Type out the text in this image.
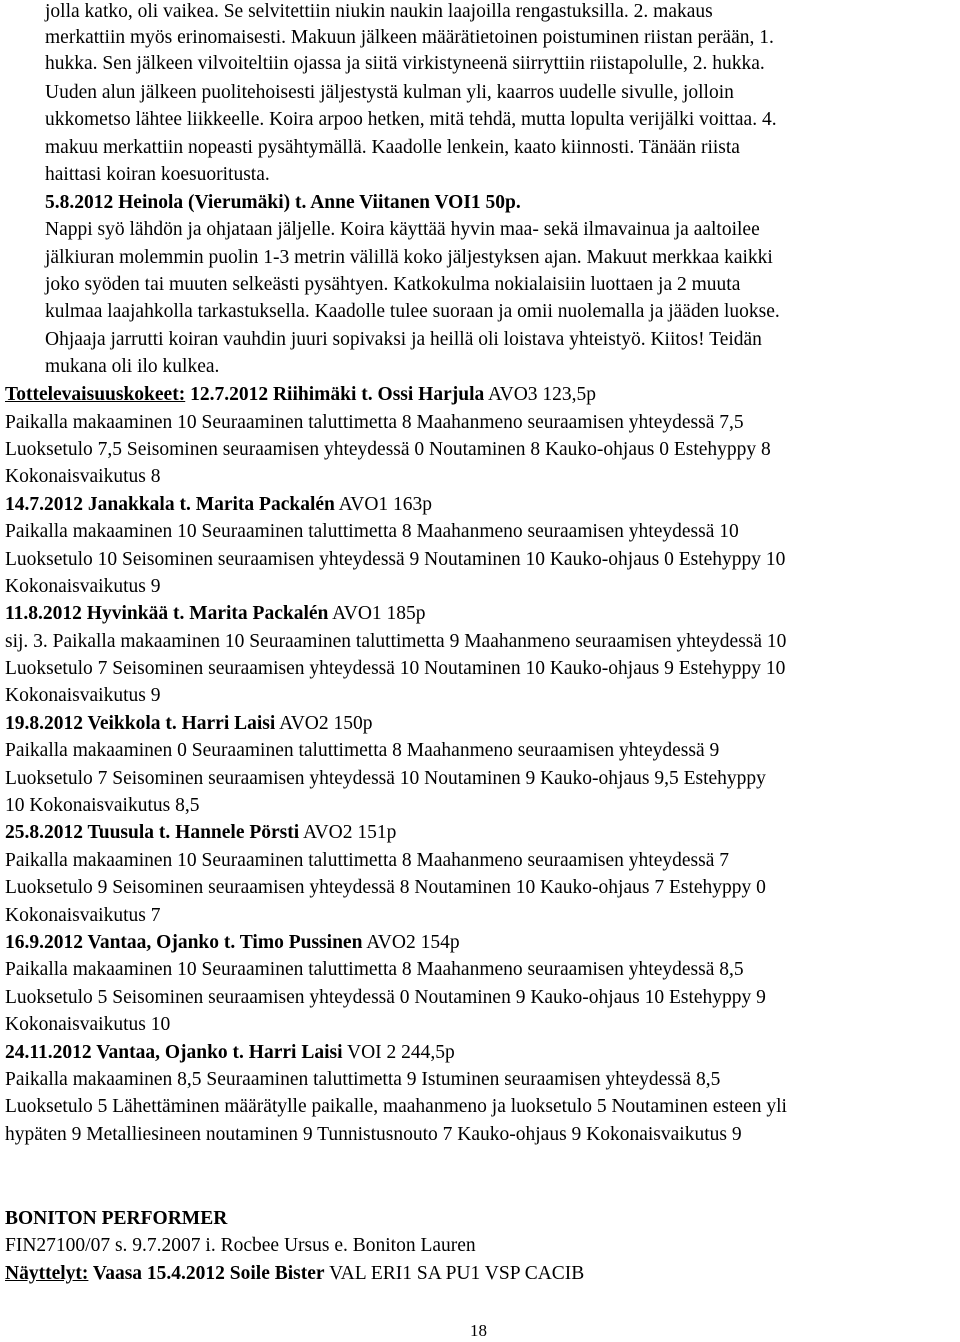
jolla katko, oli vaikea. Se selvitettiin niukin naukin laajoilla rengastuksilla. 2. makaus
merkattiin myös erinomaisesti. Makuun jälkeen määrätietoinen poistuminen riistan perään, 1.
hukka. Sen jälkeen vilvoiteltiin ojassa ja siitä virkistyneenä siirryttiin riistapolulle, 2. hukka.
Uuden alun jälkeen puolitehoisesti jäljestystä kulman yli, kaarros uudelle sivulle, jolloin
ukkometso lähtee liikkeelle. Koira arpoo hetken, mitä tehdä, mutta lopulta verijälki voittaa. 4.
makuu merkattiin nopeasti pysähtymällä. Kaadolle lenkein, kaato kiinnosti. Tänään riista
haittasi koiran koesuoritusta.
5.8.2012 Heinola (Vierumäki) t. Anne Viitanen VOI1 50p.
Nappi syö lähdön ja ohjataan jäljelle. Koira käyttää hyvin maa- sekä ilmavainua ja aaltoilee
jälkiuran molemmin puolin 1-3 metrin välillä koko jäljestyksen ajan. Makuut merkkaa kaikki
joko syöden tai muuten selkeästi pysähtyen. Katkokulma nokialaisiin luottaen ja 2 muuta
kulmaa laajahkolla tarkastuksella. Kaadolle tulee suoraan ja omii nuolemalla ja jääden luokse.
Ohjaaja jarrutti koiran vauhdin juuri sopivaksi ja heillä oli loistava yhteistyö. Kiitos! Teidän
mukana oli ilo kulkea.
Tottelevaisuuskokeet: 12.7.2012 Riihimäki t. Ossi Harjula AVO3 123,5p
Paikalla makaaminen 10 Seuraaminen taluttimetta 8 Maahanmeno seuraamisen yhteydessä 7,5
Luoksetulo 7,5 Seisominen seuraamisen yhteydessä 0 Noutaminen 8 Kauko-ohjaus 0 Estehyppy 8
Kokonaisvaikutus 8
14.7.2012 Janakkala t. Marita Packalén AVO1 163p
Paikalla makaaminen 10 Seuraaminen taluttimetta 8 Maahanmeno seuraamisen yhteydessä 10
Luoksetulo 10 Seisominen seuraamisen yhteydessä 9 Noutaminen 10 Kauko-ohjaus 0 Estehyppy 10
Kokonaisvaikutus 9
11.8.2012 Hyvinkää t. Marita Packalén AVO1 185p
sij. 3. Paikalla makaaminen 10 Seuraaminen taluttimetta 9 Maahanmeno seuraamisen yhteydessä 10
Luoksetulo 7 Seisominen seuraamisen yhteydessä 10 Noutaminen 10 Kauko-ohjaus 9 Estehyppy 10
Kokonaisvaikutus 9
19.8.2012 Veikkola t. Harri Laisi AVO2 150p
Paikalla makaaminen 0 Seuraaminen taluttimetta 8 Maahanmeno seuraamisen yhteydessä 9
Luoksetulo 7 Seisominen seuraamisen yhteydessä 10 Noutaminen 9 Kauko-ohjaus 9,5 Estehyppy
10 Kokonaisvaikutus 8,5
25.8.2012 Tuusula t. Hannele Pörsti AVO2 151p
Paikalla makaaminen 10 Seuraaminen taluttimetta 8 Maahanmeno seuraamisen yhteydessä 7
Luoksetulo 9 Seisominen seuraamisen yhteydessä 8 Noutaminen 10 Kauko-ohjaus 7 Estehyppy 0
Kokonaisvaikutus 7
16.9.2012 Vantaa, Ojanko t. Timo Pussinen AVO2 154p
Paikalla makaaminen 10 Seuraaminen taluttimetta 8 Maahanmeno seuraamisen yhteydessä 8,5
Luoksetulo 5 Seisominen seuraamisen yhteydessä 0 Noutaminen 9 Kauko-ohjaus 10 Estehyppy 9
Kokonaisvaikutus 10
24.11.2012 Vantaa, Ojanko t. Harri Laisi VOI 2 244,5p
Paikalla makaaminen 8,5 Seuraaminen taluttimetta 9 Istuminen seuraamisen yhteydessä 8,5
Luoksetulo 5 Lähettäminen määrätylle paikalle, maahanmeno ja luoksetulo 5 Noutaminen esteen yli
hypäten 9 Metalliesineen noutaminen 9 Tunnistusnouto 7 Kauko-ohjaus 9 Kokonaisvaikutus 9
BONITON PERFORMER
FIN27100/07 s. 9.7.2007 i. Rocbee Ursus e. Boniton Lauren
Näyttelyt: Vaasa 15.4.2012 Soile Bister VAL ERI1 SA PU1 VSP CACIB
18
